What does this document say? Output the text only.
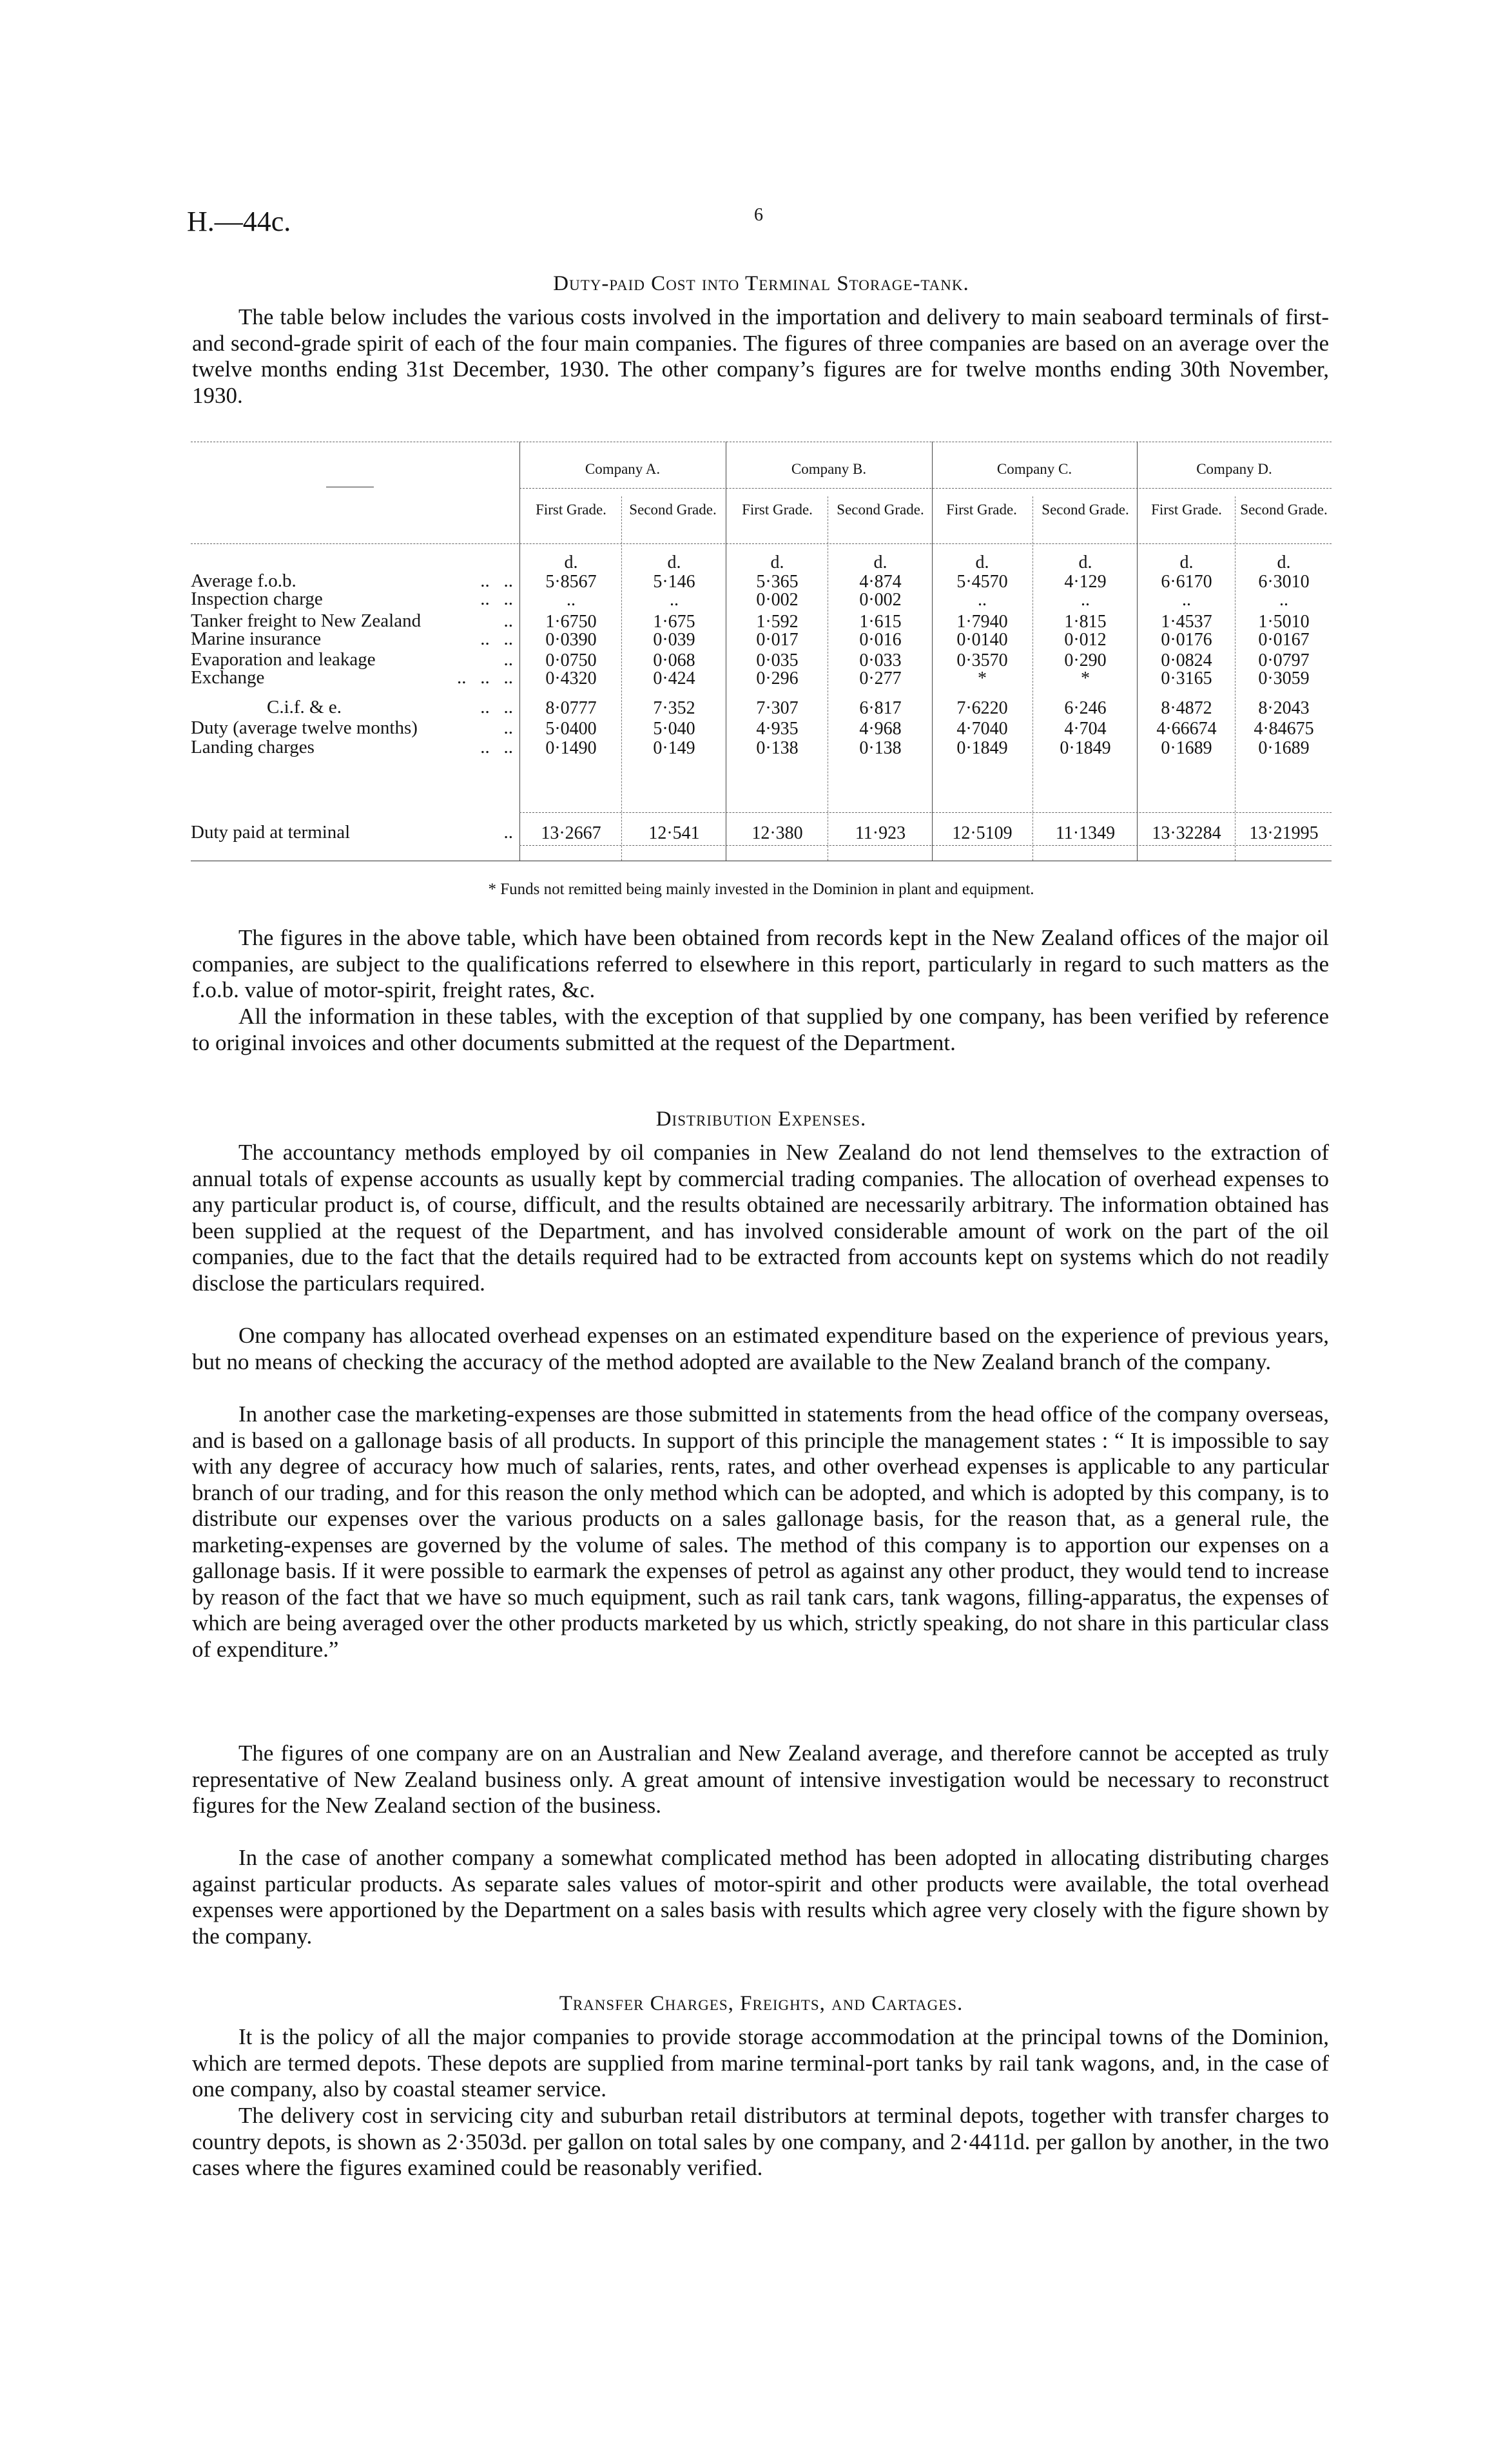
H.—44c.	6
Duty-paid Cost into Terminal Storage-tank.

The table below includes the various costs involved in the importation and delivery to main seaboard terminals of first- and second-grade spirit of each of the four main companies. The figures of three companies are based on an average over the twelve months ending 31st December, 1930. The other company’s figures are for twelve months ending 30th November, 1930.

Company A.	Company B.	Company C.	Company D.
First Grade.	Second Grade.	First Grade.	Second Grade.	First Grade.	Second Grade.	First Grade.	Second Grade.
d.	d.	d.	d.	d.	d.	d.	d.
Average f.o.b.	..   ..	5·8567	5·146	5·365	4·874	5·4570	4·129	6·6170	6·3010
Inspection charge	..   ..	..	..	0·002	0·002	..	..	..	..
Tanker freight to New Zealand	..	1·6750	1·675	1·592	1·615	1·7940	1·815	1·4537	1·5010
Marine insurance	..   ..	0·0390	0·039	0·017	0·016	0·0140	0·012	0·0176	0·0167
Evaporation and leakage	..	0·0750	0·068	0·035	0·033	0·3570	0·290	0·0824	0·0797
Exchange	..   ..   ..	0·4320	0·424	0·296	0·277	*	*	0·3165	0·3059
C.i.f. & e.	..   ..	8·0777	7·352	7·307	6·817	7·6220	6·246	8·4872	8·2043
Duty (average twelve months)	..	5·0400	5·040	4·935	4·968	4·7040	4·704	4·66674	4·84675
Landing charges	..   ..	0·1490	0·149	0·138	0·138	0·1849	0·1849	0·1689	0·1689
Duty paid at terminal	..	13·2667	12·541	12·380	11·923	12·5109	11·1349	13·32284	13·21995
* Funds not remitted being mainly invested in the Dominion in plant and equipment.

The figures in the above table, which have been obtained from records kept in the New Zealand offices of the major oil companies, are subject to the qualifications referred to elsewhere in this report, particularly in regard to such matters as the f.o.b. value of motor-spirit, freight rates, &c.

All the information in these tables, with the exception of that supplied by one company, has been verified by reference to original invoices and other documents submitted at the request of the Department.

Distribution Expenses.

The accountancy methods employed by oil companies in New Zealand do not lend themselves to the extraction of annual totals of expense accounts as usually kept by commercial trading companies. The allocation of overhead expenses to any particular product is, of course, difficult, and the results obtained are necessarily arbitrary. The information obtained has been supplied at the request of the Department, and has involved considerable amount of work on the part of the oil companies, due to the fact that the details required had to be extracted from accounts kept on systems which do not readily disclose the particulars required.

One company has allocated overhead expenses on an estimated expenditure based on the experience of previous years, but no means of checking the accuracy of the method adopted are available to the New Zealand branch of the company.

In another case the marketing-expenses are those submitted in statements from the head office of the company overseas, and is based on a gallonage basis of all products. In support of this principle the management states : “ It is impossible to say with any degree of accuracy how much of salaries, rents, rates, and other overhead expenses is applicable to any particular branch of our trading, and for this reason the only method which can be adopted, and which is adopted by this company, is to distribute our expenses over the various products on a sales gallonage basis, for the reason that, as a general rule, the marketing-expenses are governed by the volume of sales. The method of this company is to apportion our expenses on a gallonage basis. If it were possible to earmark the expenses of petrol as against any other product, they would tend to increase by reason of the fact that we have so much equipment, such as rail tank cars, tank wagons, filling-apparatus, the expenses of which are being averaged over the other products marketed by us which, strictly speaking, do not share in this particular class of expenditure.”

The figures of one company are on an Australian and New Zealand average, and therefore cannot be accepted as truly representative of New Zealand business only. A great amount of intensive investigation would be necessary to reconstruct figures for the New Zealand section of the business.

In the case of another company a somewhat complicated method has been adopted in allocating distributing charges against particular products. As separate sales values of motor-spirit and other products were available, the total overhead expenses were apportioned by the Department on a sales basis with results which agree very closely with the figure shown by the company.

Transfer Charges, Freights, and Cartages.

It is the policy of all the major companies to provide storage accommodation at the principal towns of the Dominion, which are termed depots. These depots are supplied from marine terminal-port tanks by rail tank wagons, and, in the case of one company, also by coastal steamer service.

The delivery cost in servicing city and suburban retail distributors at terminal depots, together with transfer charges to country depots, is shown as 2·3503d. per gallon on total sales by one company, and 2·4411d. per gallon by another, in the two cases where the figures examined could be reasonably verified.
